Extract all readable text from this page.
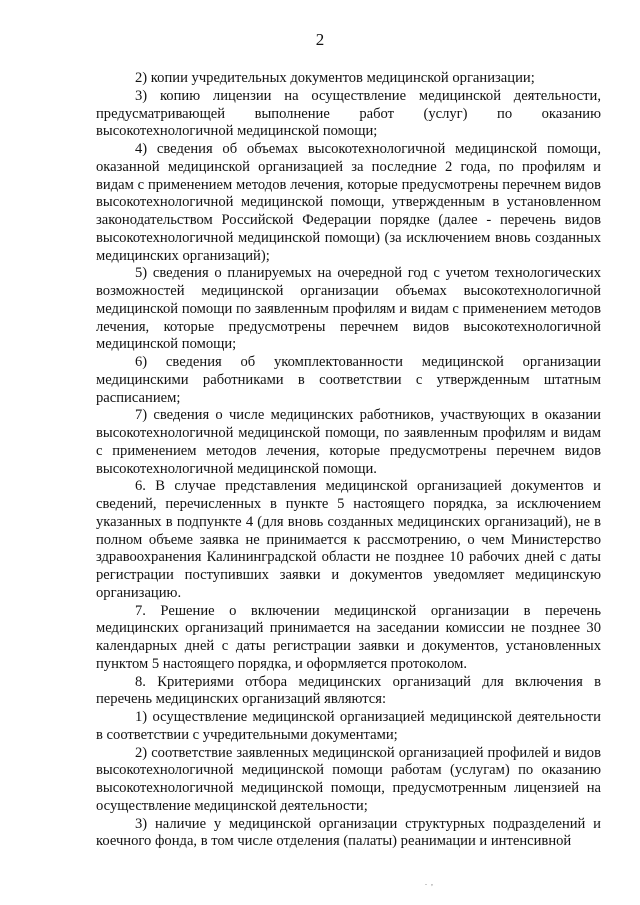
2

2) копии учредительных документов медицинской организации;

3) копию лицензии на осуществление медицинской деятельности, предусматривающей выполнение работ (услуг) по оказанию высокотехнологичной медицинской помощи;

4) сведения об объемах высокотехнологичной медицинской помощи, оказанной медицинской организацией за последние 2 года, по профилям и видам с применением методов лечения, которые предусмотрены перечнем видов высокотехнологичной медицинской помощи, утвержденным в установленном законодательством Российской Федерации порядке (далее - перечень видов высокотехнологичной медицинской помощи) (за исключением вновь созданных медицинских организаций);

5) сведения о планируемых на очередной год с учетом технологических возможностей медицинской организации объемах высокотехнологичной медицинской помощи по заявленным профилям и видам с применением методов лечения, которые предусмотрены перечнем видов высокотехнологичной медицинской помощи;

6) сведения об укомплектованности медицинской организации медицинскими работниками в соответствии с утвержденным штатным расписанием;

7) сведения о числе медицинских работников, участвующих в оказании высокотехнологичной медицинской помощи, по заявленным профилям и видам с применением методов лечения, которые предусмотрены перечнем видов высокотехнологичной медицинской помощи.

6. В случае представления медицинской организацией документов и сведений, перечисленных в пункте 5 настоящего порядка, за исключением указанных в подпункте 4 (для вновь созданных медицинских организаций), не в полном объеме заявка не принимается к рассмотрению, о чем Министерство здравоохранения Калининградской области не позднее 10 рабочих дней с даты регистрации поступивших заявки и документов уведомляет медицинскую организацию.

7. Решение о включении медицинской организации в перечень медицинских организаций принимается на заседании комиссии не позднее 30 календарных дней с даты регистрации заявки и документов, установленных пунктом 5 настоящего порядка, и оформляется протоколом.

8. Критериями отбора медицинских организаций для включения в перечень медицинских организаций являются:

1) осуществление медицинской организацией медицинской деятельности в соответствии с учредительными документами;

2) соответствие заявленных медицинской организацией профилей и видов высокотехнологичной медицинской помощи работам (услугам) по оказанию высокотехнологичной медицинской помощи, предусмотренным лицензией на осуществление медицинской деятельности;

3) наличие у медицинской организации структурных подразделений и коечного фонда, в том числе отделения (палаты) реанимации и интенсивной

. ,
